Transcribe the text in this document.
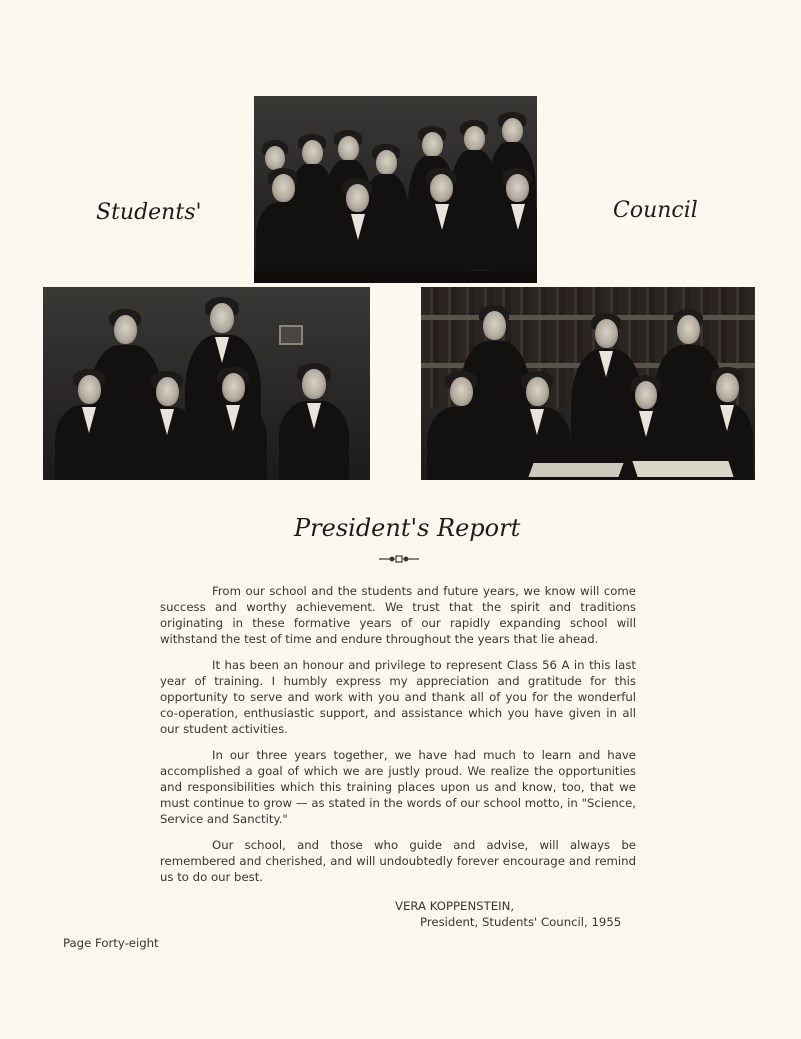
Students'	Council
President's Report

From our school and the students and future years, we know will come success and worthy achievement. We trust that the spirit and traditions originating in these formative years of our rapidly expanding school will withstand the test of time and endure throughout the years that lie ahead.

It has been an honour and privilege to represent Class 56 A in this last year of training. I humbly express my appreciation and gratitude for this opportunity to serve and work with you and thank all of you for the wonderful co-operation, enthusiastic support, and assistance which you have given in all our student activities.

In our three years together, we have had much to learn and have accomplished a goal of which we are justly proud. We realize the opportunities and responsibilities which this training places upon us and know, too, that we must continue to grow — as stated in the words of our school motto, in "Science, Service and Sanctity."

Our school, and those who guide and advise, will always be remembered and cherished, and will undoubtedly forever encourage and remind us to do our best.

VERA KOPPENSTEIN,
President, Students' Council, 1955
Page Forty-eight
